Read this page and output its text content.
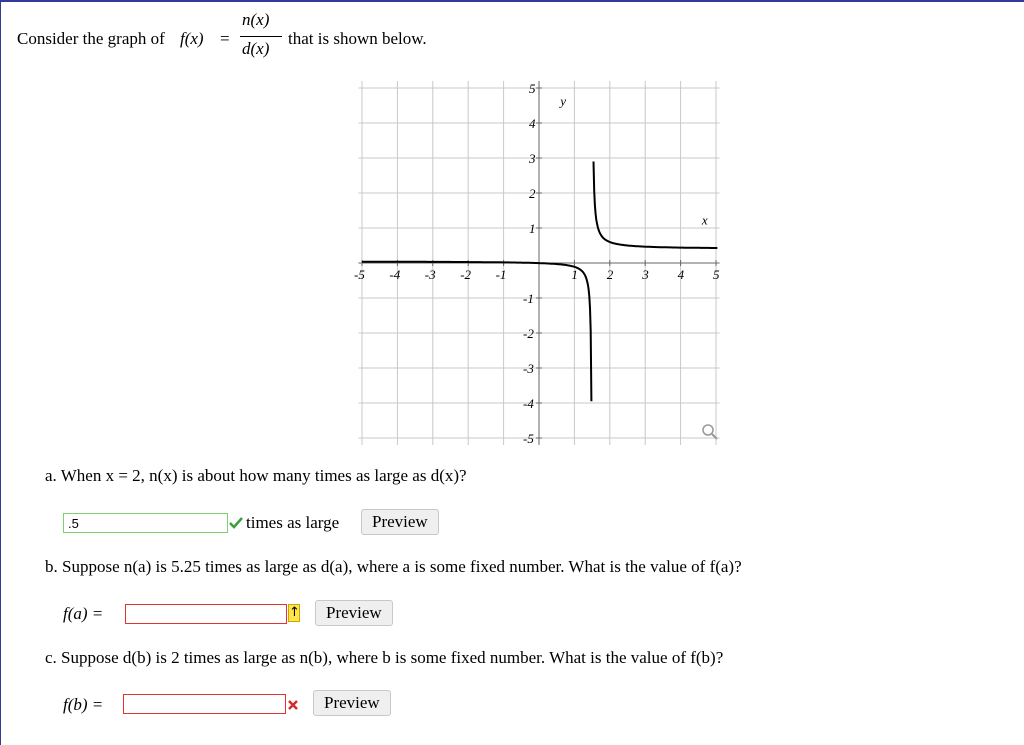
Consider the graph of f(x) =
n(x)
d(x)
that is shown below.
-5 -4 -3 -2 -1	1 2 3 4 5
5
4
3
2
1
-1
-2
-3
-4
-5
x
y
a. When x = 2, n(x) is about how many times as large as d(x)?
.5
times as large	Preview
b. Suppose n(a) is 5.25 times as large as d(a), where a is some fixed number. What is the value of f(a)?
f(a) =	↑	Preview
c. Suppose d(b) is 2 times as large as n(b), where b is some fixed number. What is the value of f(b)?
f(b) =	Preview
